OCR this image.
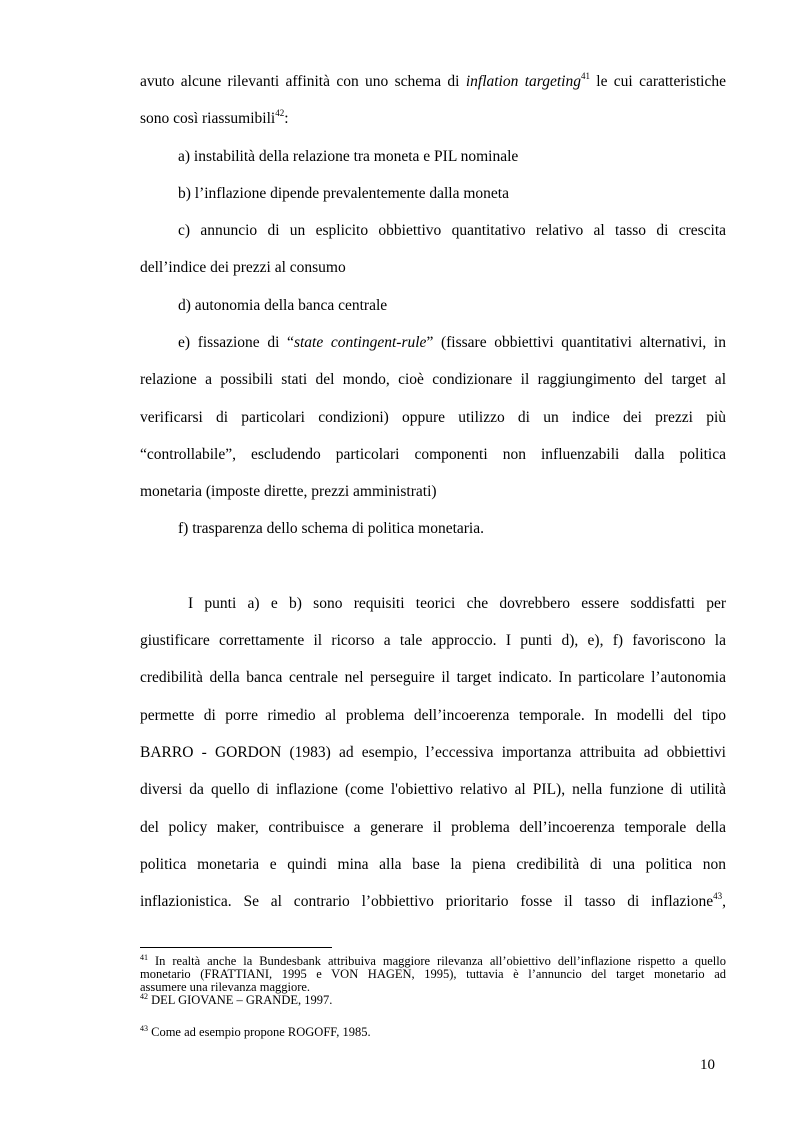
avuto alcune rilevanti affinità con uno schema di inflation targeting$^{41}$ le cui caratteristiche
sono così riassumibili$^{42}$:
a) instabilità della relazione tra moneta e PIL nominale
b) l’inflazione dipende prevalentemente dalla moneta
c) annuncio di un esplicito obbiettivo quantitativo relativo al tasso di crescita
dell’indice dei prezzi al consumo
d) autonomia della banca centrale
e) fissazione di “state contingent-rule” (fissare obbiettivi quantitativi alternativi, in
relazione a possibili stati del mondo, cioè condizionare il raggiungimento del target al
verificarsi di particolari condizioni) oppure utilizzo di un indice dei prezzi più
“controllabile”, escludendo particolari componenti non influenzabili dalla politica
monetaria (imposte dirette, prezzi amministrati)
f) trasparenza dello schema di politica monetaria.
I punti a) e b) sono requisiti teorici che dovrebbero essere soddisfatti per
giustificare correttamente il ricorso a tale approccio. I punti d), e), f) favoriscono la
credibilità della banca centrale nel perseguire il target indicato. In particolare l’autonomia
permette di porre rimedio al problema dell’incoerenza temporale. In modelli del tipo
BARRO - GORDON (1983) ad esempio, l’eccessiva importanza attribuita ad obbiettivi
diversi da quello di inflazione (come l'obiettivo relativo al PIL), nella funzione di utilità
del policy maker, contribuisce a generare il problema dell’incoerenza temporale della
politica monetaria e quindi mina alla base la piena credibilità di una politica non
inflazionistica. Se al contrario l’obbiettivo prioritario fosse il tasso di inflazione$^{43}$,
$^{41}$ In realtà anche la Bundesbank attribuiva maggiore rilevanza all’obiettivo dell’inflazione rispetto a quello
monetario (FRATTIANI, 1995 e VON HAGEN, 1995), tuttavia è l’annuncio del target monetario ad
assumere una rilevanza maggiore.
$^{42}$ DEL GIOVANE – GRANDE, 1997.
$^{43}$ Come ad esempio propone ROGOFF, 1985.
10
